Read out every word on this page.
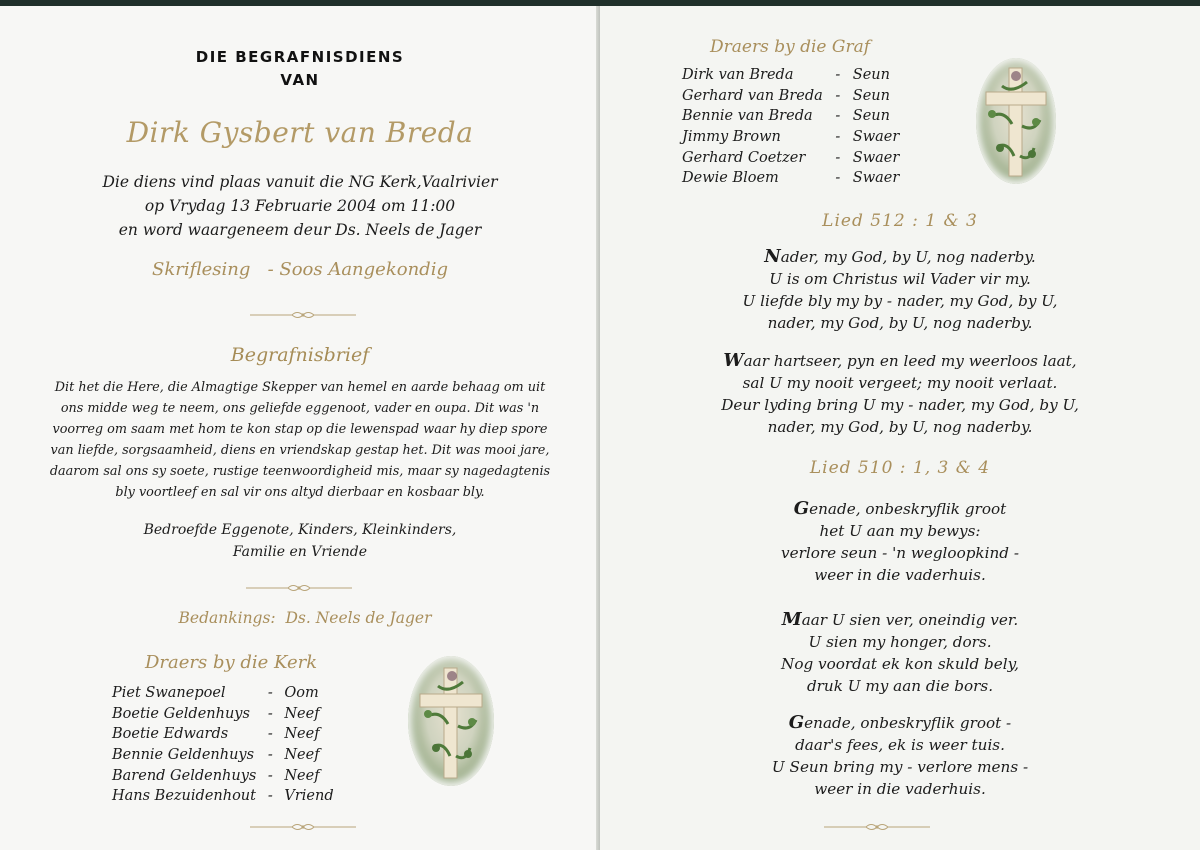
DIE BEGRAFNISDIENS
VAN
Dirk Gysbert van Breda
Die diens vind plaas vanuit die NG Kerk,Vaalrivier
op Vrydag 13 Februarie 2004 om 11:00
en word waargeneem deur Ds. Neels de Jager
Skriflesing   - Soos Aangekondig
Begrafnisbrief
Dit het die Here, die Almagtige Skepper van hemel en aarde behaag om uit
ons midde weg te neem, ons geliefde eggenoot, vader en oupa. Dit was 'n
voorreg om saam met hom te kon stap op die lewenspad waar hy diep spore
van liefde, sorgsaamheid, diens en vriendskap gestap het. Dit was mooi jare,
daarom sal ons sy soete, rustige teenwoordigheid mis, maar sy nagedagtenis
bly voortleef en sal vir ons altyd dierbaar en kosbaar bly.
Bedroefde Eggenote, Kinders, Kleinkinders,
Familie en Vriende
Bedankings:  Ds. Neels de Jager
Draers by die Kerk
Piet Swanepoel	-	Oom
Boetie Geldenhuys	-	Neef
Boetie Edwards	-	Neef
Bennie Geldenhuys	-	Neef
Barend Geldenhuys	-	Neef
Hans Bezuidenhout	-	Vriend
Draers by die Graf
Dirk van Breda	-	Seun
Gerhard van Breda	-	Seun
Bennie van Breda	-	Seun
Jimmy Brown	-	Swaer
Gerhard Coetzer	-	Swaer
Dewie Bloem	-	Swaer
Lied 512 : 1 & 3
Nader, my God, by U, nog naderby.
U is om Christus wil Vader vir my.
U liefde bly my by - nader, my God, by U,
nader, my God, by U, nog naderby.
Waar hartseer, pyn en leed my weerloos laat,
sal U my nooit vergeet; my nooit verlaat.
Deur lyding bring U my - nader, my God, by U,
nader, my God, by U, nog naderby.
Lied 510 : 1, 3 & 4
Genade, onbeskryflik groot
het U aan my bewys:
verlore seun - 'n wegloopkind -
weer in die vaderhuis.
Maar U sien ver, oneindig ver.
U sien my honger, dors.
Nog voordat ek kon skuld bely,
druk U my aan die bors.
Genade, onbeskryflik groot -
daar's fees, ek is weer tuis.
U Seun bring my - verlore mens -
weer in die vaderhuis.
